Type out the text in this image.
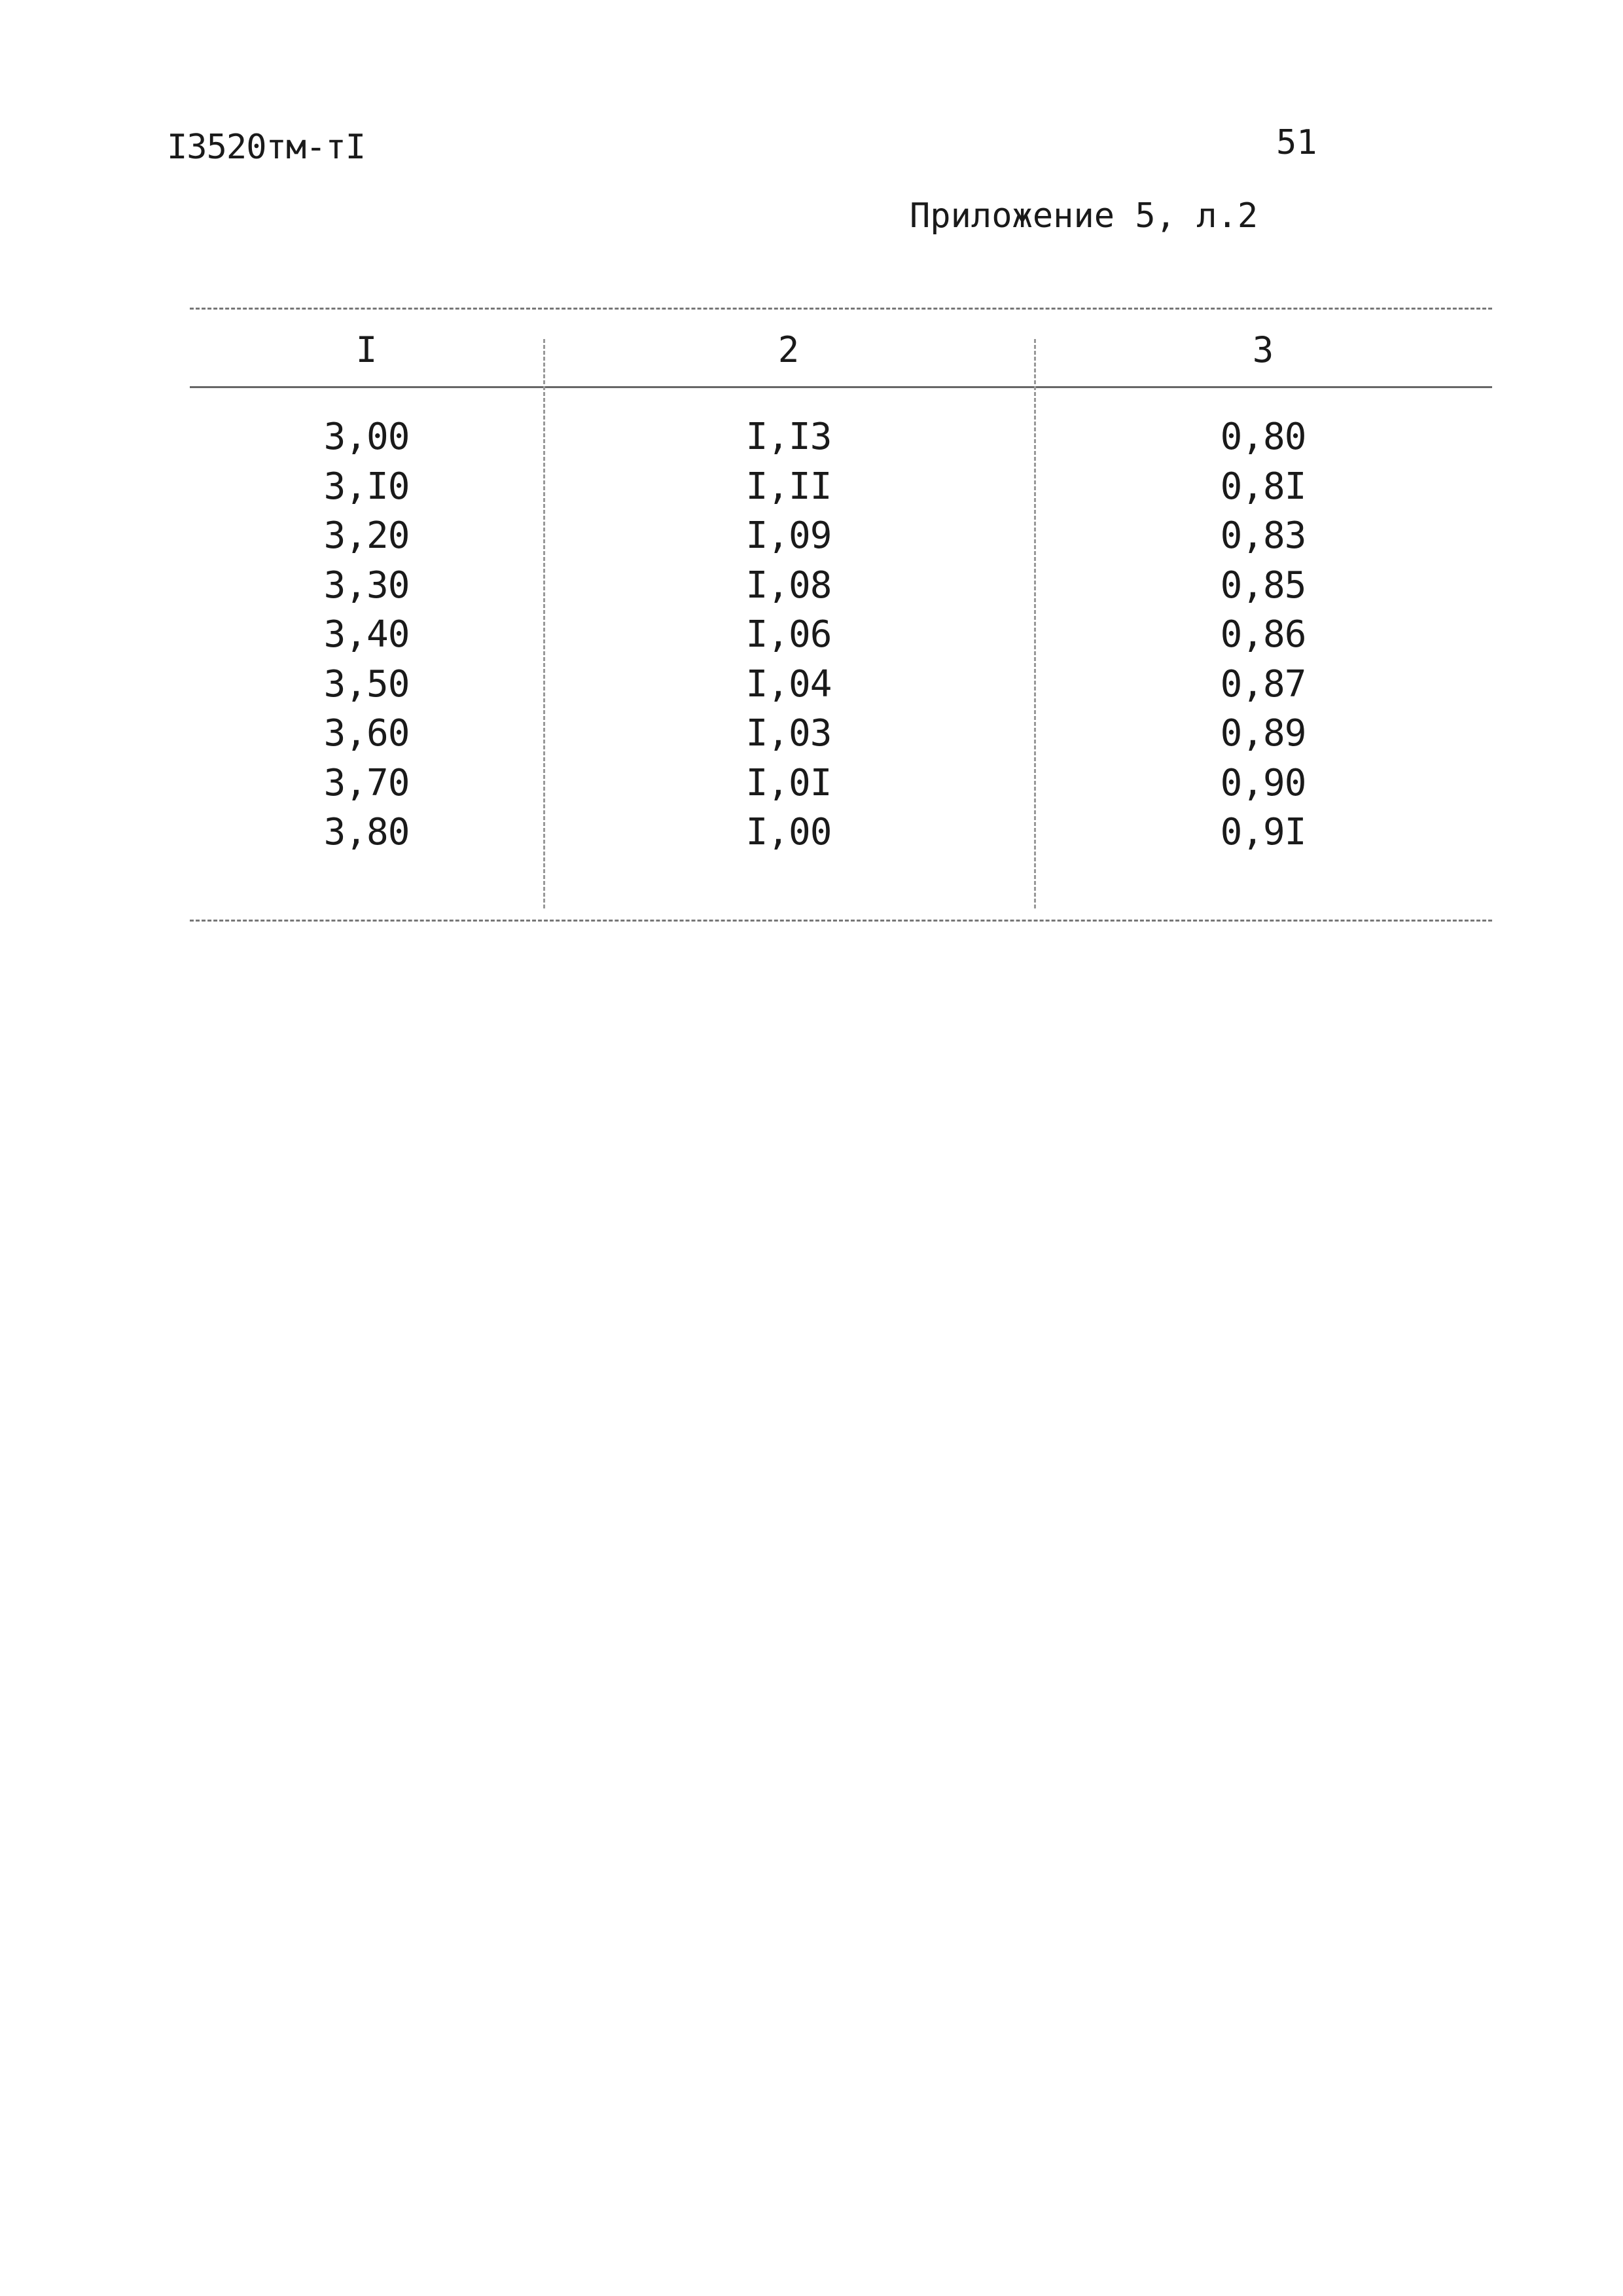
I3520тм-тI	51
Приложение 5, л.2
I
3,00
3,I0
3,20
3,30
3,40
3,50
3,60
3,70
3,80
2
I,I3
I,II
I,09
I,08
I,06
I,04
I,03
I,0I
I,00
3
0,80
0,8I
0,83
0,85
0,86
0,87
0,89
0,90
0,9I
